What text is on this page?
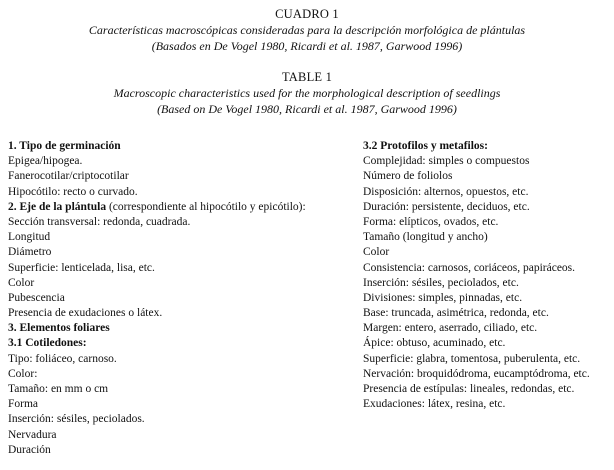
CUADRO 1
Características macroscópicas consideradas para la descripción morfológica de plántulas
(Basados en De Vogel 1980, Ricardi et al. 1987, Garwood 1996)
TABLE 1
Macroscopic characteristics used for the morphological description of seedlings
(Based on De Vogel 1980, Ricardi et al. 1987, Garwood 1996)
1. Tipo de germinación
Epigea/hipogea.
Fanerocotilar/criptocotilar
Hipocótilo: recto o curvado.
2. Eje de la plántula (correspondiente al hipocótilo y epicótilo):
Sección transversal: redonda, cuadrada.
Longitud
Diámetro
Superficie: lenticelada, lisa, etc.
Color
Pubescencia
Presencia de exudaciones o látex.
3. Elementos foliares
3.1 Cotiledones:
Tipo: foliáceo, carnoso.
Color:
Tamaño: en mm o cm
Forma
Inserción: sésiles, peciolados.
Nervadura
Duración
3.2 Protofilos y metafilos:
Complejidad: simples o compuestos
Número de foliolos
Disposición: alternos, opuestos, etc.
Duración: persistente, deciduos, etc.
Forma: elípticos, ovados, etc.
Tamaño (longitud y ancho)
Color
Consistencia: carnosos, coriáceos, papiráceos.
Inserción: sésiles, peciolados, etc.
Divisiones: simples, pinnadas, etc.
Base: truncada, asimétrica, redonda, etc.
Margen: entero, aserrado, ciliado, etc.
Ápice: obtuso, acuminado, etc.
Superficie: glabra, tomentosa, puberulenta, etc.
Nervación: broquidódroma, eucamptódroma, etc.
Presencia de estípulas: lineales, redondas, etc.
Exudaciones: látex, resina, etc.
